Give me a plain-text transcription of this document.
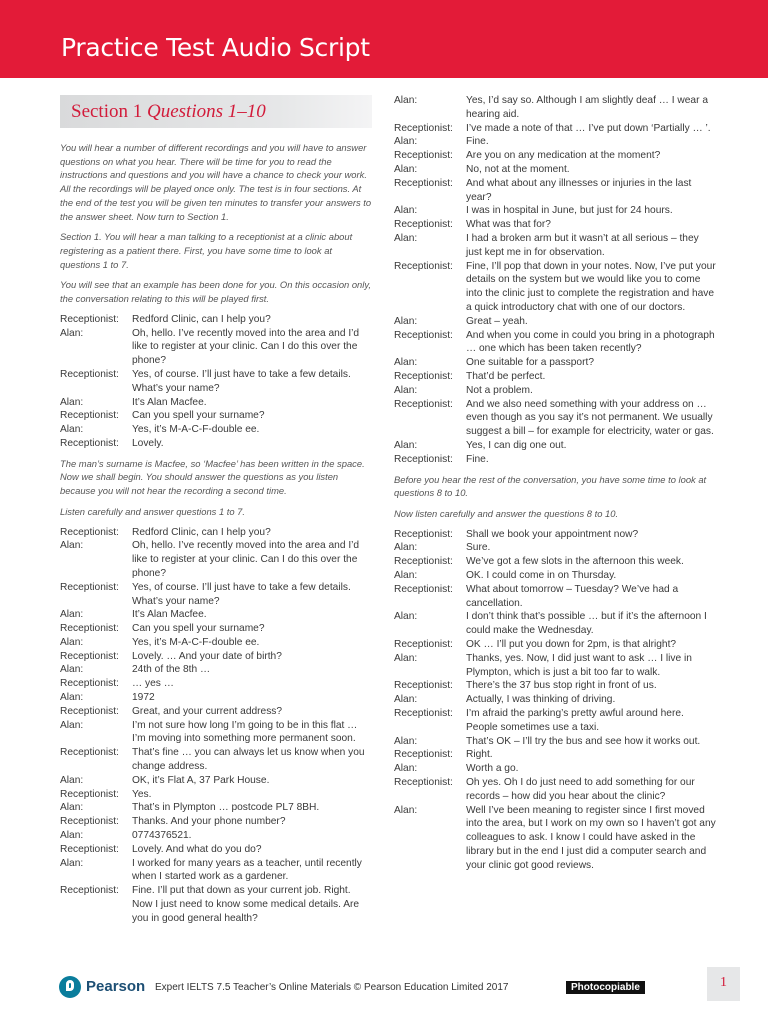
Practice Test Audio Script
Section 1 Questions 1–10

You will hear a number of different recordings and you will have to answer questions on what you hear. There will be time for you to read the instructions and questions and you will have a chance to check your work. All the recordings will be played once only. The test is in four sections. At the end of the test you will be given ten minutes to transfer your answers to the answer sheet. Now turn to Section 1.

Section 1. You will hear a man talking to a receptionist at a clinic about registering as a patient there. First, you have some time to look at questions 1 to 7.

You will see that an example has been done for you. On this occasion only, the conversation relating to this will be played first.

Receptionist:	Redford Clinic, can I help you?
Alan:	Oh, hello. I’ve recently moved into the area and I’d like to register at your clinic. Can I do this over the phone?
Receptionist:	Yes, of course. I’ll just have to take a few details. What’s your name?
Alan:	It’s Alan Macfee.
Receptionist:	Can you spell your surname?
Alan:	Yes, it’s M-A-C-F-double ee.
Receptionist:	Lovely.

The man’s surname is Macfee, so ‘Macfee’ has been written in the space. Now we shall begin. You should answer the questions as you listen because you will not hear the recording a second time.

Listen carefully and answer questions 1 to 7.

Receptionist:	Redford Clinic, can I help you?
Alan:	Oh, hello. I’ve recently moved into the area and I’d like to register at your clinic. Can I do this over the phone?
Receptionist:	Yes, of course. I’ll just have to take a few details. What’s your name?
Alan:	It’s Alan Macfee.
Receptionist:	Can you spell your surname?
Alan:	Yes, it’s M-A-C-F-double ee.
Receptionist:	Lovely. … And your date of birth?
Alan:	24th of the 8th …
Receptionist:	… yes …
Alan:	1972
Receptionist:	Great, and your current address?
Alan:	I’m not sure how long I’m going to be in this flat … I’m moving into something more permanent soon.
Receptionist:	That’s fine … you can always let us know when you change address.
Alan:	OK, it’s Flat A, 37 Park House.
Receptionist:	Yes.
Alan:	That’s in Plympton … postcode PL7 8BH.
Receptionist:	Thanks. And your phone number?
Alan:	0774376521.
Receptionist:	Lovely. And what do you do?
Alan:	I worked for many years as a teacher, until recently when I started work as a gardener.
Receptionist:	Fine. I’ll put that down as your current job. Right. Now I just need to know some medical details. Are you in good general health?
Alan:	Yes, I’d say so. Although I am slightly deaf … I wear a hearing aid.
Receptionist:	I’ve made a note of that … I’ve put down ‘Partially … ’.
Alan:	Fine.
Receptionist:	Are you on any medication at the moment?
Alan:	No, not at the moment.
Receptionist:	And what about any illnesses or injuries in the last year?
Alan:	I was in hospital in June, but just for 24 hours.
Receptionist:	What was that for?
Alan:	I had a broken arm but it wasn’t at all serious – they just kept me in for observation.
Receptionist:	Fine, I’ll pop that down in your notes. Now, I’ve put your details on the system but we would like you to come into the clinic just to complete the registration and have a quick introductory chat with one of our doctors.
Alan:	Great – yeah.
Receptionist:	And when you come in could you bring in a photograph … one which has been taken recently?
Alan:	One suitable for a passport?
Receptionist:	That’d be perfect.
Alan:	Not a problem.
Receptionist:	And we also need something with your address on … even though as you say it’s not permanent. We usually suggest a bill – for example for electricity, water or gas.
Alan:	Yes, I can dig one out.
Receptionist:	Fine.

Before you hear the rest of the conversation, you have some time to look at questions 8 to 10.

Now listen carefully and answer the questions 8 to 10.

Receptionist:	Shall we book your appointment now?
Alan:	Sure.
Receptionist:	We’ve got a few slots in the afternoon this week.
Alan:	OK. I could come in on Thursday.
Receptionist:	What about tomorrow – Tuesday? We’ve had a cancellation.
Alan:	I don’t think that’s possible … but if it’s the afternoon I could make the Wednesday.
Receptionist:	OK … I’ll put you down for 2pm, is that alright?
Alan:	Thanks, yes. Now, I did just want to ask … I live in Plympton, which is just a bit too far to walk.
Receptionist:	There’s the 37 bus stop right in front of us.
Alan:	Actually, I was thinking of driving.
Receptionist:	I’m afraid the parking’s pretty awful around here. People sometimes use a taxi.
Alan:	That’s OK – I’ll try the bus and see how it works out.
Receptionist:	Right.
Alan:	Worth a go.
Receptionist:	Oh yes. Oh I do just need to add something for our records – how did you hear about the clinic?
Alan:	Well I’ve been meaning to register since I first moved into the area, but I work on my own so I haven’t got any colleagues to ask. I know I could have asked in the library but in the end I just did a computer search and your clinic got good reviews.
Pearson Expert IELTS 7.5 Teacher’s Online Materials © Pearson Education Limited 2017	Photocopiable	1
